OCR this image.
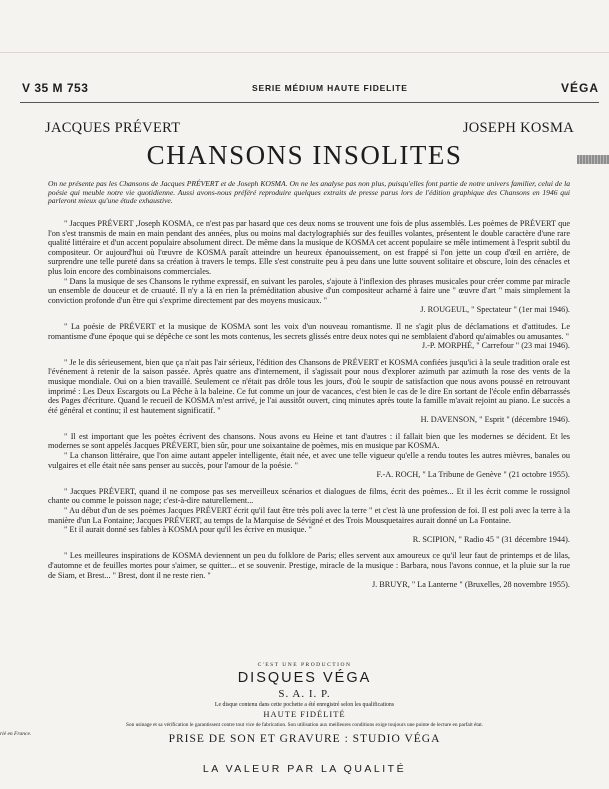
V 35 M 753	SERIE MÉDIUM HAUTE FIDELITE	VÉGA
JACQUES PRÉVERT	JOSEPH KOSMA
CHANSONS INSOLITES

On ne présente pas les Chansons de Jacques PRÉVERT et de Joseph KOSMA. On ne les analyse pas non plus, puisqu'elles font partie de notre univers familier, celui de la poésie qui meuble notre vie quotidienne. Aussi avons-nous préféré reproduire quelques extraits de presse parus lors de l'édition graphique des Chansons en 1946 qui parleront mieux qu'une étude exhaustive.

" Jacques PRÉVERT ,Joseph KOSMA, ce n'est pas par hasard que ces deux noms se trouvent une fois de plus assemblés. Les poèmes de PRÉVERT que l'on s'est transmis de main en main pendant des années, plus ou moins mal dactylographiés sur des feuilles volantes, présentent le double caractère d'une rare qualité littéraire et d'un accent populaire absolument direct. De même dans la musique de KOSMA cet accent populaire se mêle intimement à l'esprit subtil du compositeur. Or aujourd'hui où l'œuvre de KOSMA paraît atteindre un heureux épanouissement, on est frappé si l'on jette un coup d'œil en arrière, de surprendre une telle pureté dans sa création à travers le temps. Elle s'est construite peu à peu dans une lutte souvent solitaire et obscure, loin des cénacles et plus loin encore des combinaisons commerciales.

" Dans la musique de ses Chansons le rythme expressif, en suivant les paroles, s'ajoute à l'inflexion des phrases musicales pour créer comme par miracle un ensemble de douceur et de cruauté. Il n'y a là en rien la préméditation abusive d'un compositeur acharné à faire une " œuvre d'art " mais simplement la conviction profonde d'un être qui s'exprime directement par des moyens musicaux. "

J. ROUGEUL, " Spectateur " (1er mai 1946).

" La poésie de PRÉVERT et la musique de KOSMA sont les voix d'un nouveau romantisme. Il ne s'agit plus de déclamations et d'attitudes. Le romantisme d'une époque qui se dépêche ce sont les mots contenus, les secrets glissés entre deux notes qui ne semblaient d'abord qu'aimables ou amusantes. "

J.-P. MORPHÉ, " Carrefour " (23 mai 1946).

" Je le dis sérieusement, bien que ça n'ait pas l'air sérieux, l'édition des Chansons de PRÉVERT et KOSMA confiées jusqu'ici à la seule tradition orale est l'événement à retenir de la saison passée. Après quatre ans d'internement, il s'agissait pour nous d'explorer azimuth par azimuth la rose des vents de la musique mondiale. Oui on a bien travaillé. Seulement ce n'était pas drôle tous les jours, d'où le soupir de satisfaction que nous avons poussé en retrouvant imprimé : Les Deux Escargots ou La Pêche à la baleine. Ce fut comme un jour de vacances, c'est bien le cas de le dire En sortant de l'école enfin débarrassés des Pages d'écriture. Quand le recueil de KOSMA m'est arrivé, je l'ai aussitôt ouvert, cinq minutes après toute la famille m'avait rejoint au piano. Le succès a été général et continu; il est hautement significatif. "

H. DAVENSON, " Esprit " (décembre 1946).

" Il est important que les poètes écrivent des chansons. Nous avons eu Heine et tant d'autres : il fallait bien que les modernes se décident. Et les modernes se sont appelés Jacques PRÉVERT, bien sûr, pour une soixantaine de poèmes, mis en musique par KOSMA.

" La chanson littéraire, que l'on aime autant appeler intelligente, était née, et avec une telle vigueur qu'elle a rendu toutes les autres mièvres, banales ou vulgaires et elle était née sans penser au succès, pour l'amour de la poésie. "

F.-A. ROCH, " La Tribune de Genève " (21 octobre 1955).

" Jacques PRÉVERT, quand il ne compose pas ses merveilleux scénarios et dialogues de films, écrit des poèmes... Et il les écrit comme le rossignol chante ou comme le poisson nage; c'est-à-dire naturellement...

" Au début d'un de ses poèmes Jacques PRÉVERT écrit qu'il faut être très poli avec la terre " et c'est là une profession de foi. Il est poli avec la terre à la manière d'un La Fontaine; Jacques PRÉVERT, au temps de la Marquise de Sévigné et des Trois Mousquetaires aurait donné un La Fontaine.

" Et il aurait donné ses fables à KOSMA pour qu'il les écrive en musique. "

R. SCIPION, " Radio 45 " (31 décembre 1944).

" Les meilleures inspirations de KOSMA deviennent un peu du folklore de Paris; elles servent aux amoureux ce qu'il leur faut de printemps et de lilas, d'automne et de feuilles mortes pour s'aimer, se quitter... et se souvenir. Prestige, miracle de la musique : Barbara, nous l'avons connue, et la pluie sur la rue de Siam, et Brest... " Brest, dont il ne reste rien. "

J. BRUYR, " La Lanterne " (Bruxelles, 28 novembre 1955).

C'EST UNE PRODUCTION
DISQUES VÉGA
S. A. I. P.
Le disque contenu dans cette pochette a été enregistré selon les qualifications
HAUTE FIDÉLITÉ
Son usinage et sa vérification le garantissent contre tout vice de fabrication. Son utilisation aux meilleures conditions exige toujours une pointe de lecture en parfait état.
PRISE DE SON ET GRAVURE : STUDIO VÉGA
rié en France.
LA VALEUR PAR LA QUALITÉ
